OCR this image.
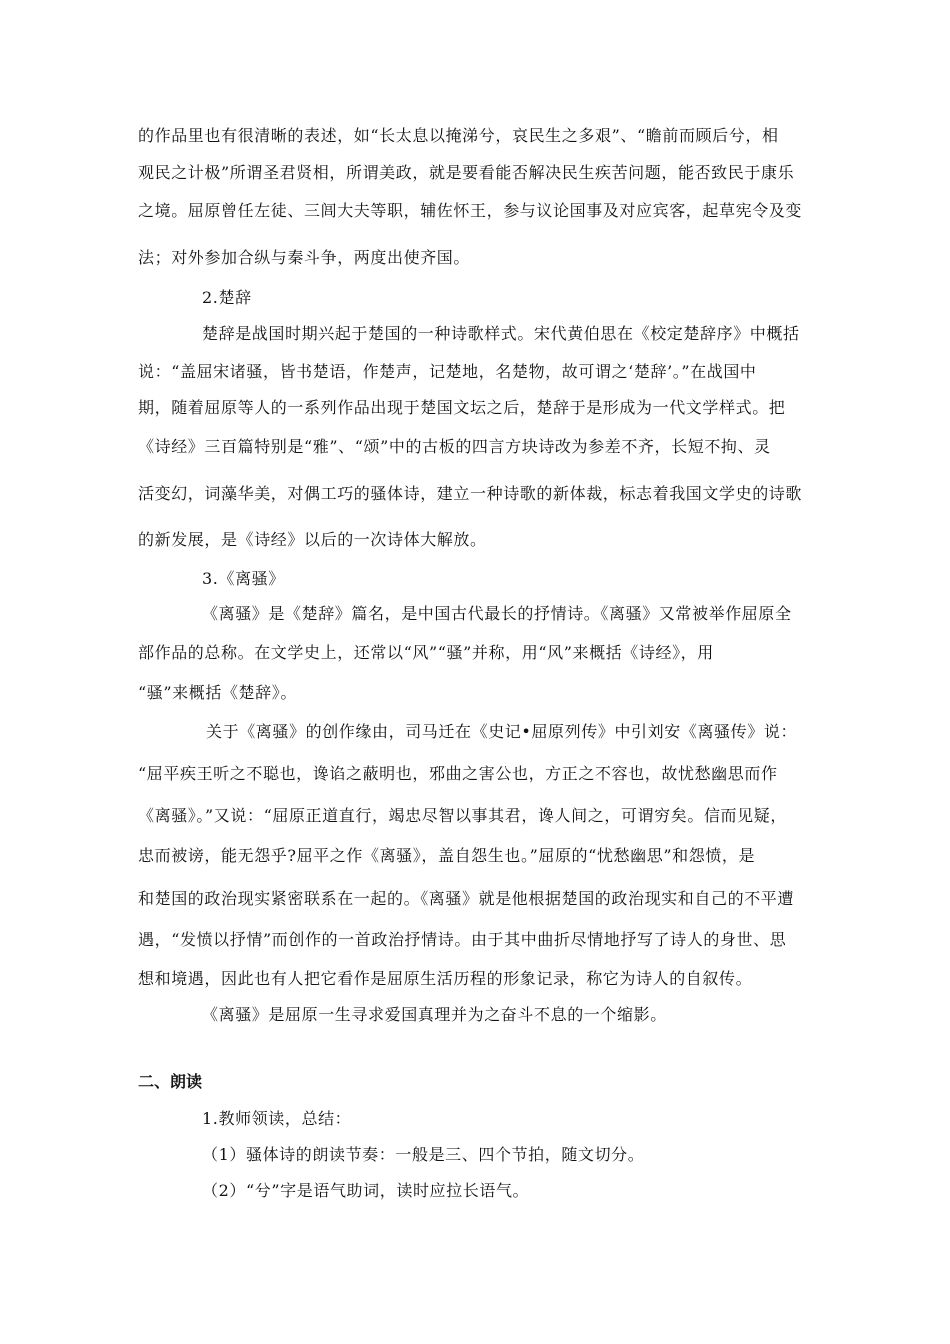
的作品里也有很清晰的表述，如“长太息以掩涕兮，哀民生之多艰”、“瞻前而顾后兮，相
观民之计极”所谓圣君贤相，所谓美政，就是要看能否解决民生疾苦问题，能否致民于康乐
之境。屈原曾任左徒、三闾大夫等职，辅佐怀王，参与议论国事及对应宾客，起草宪令及变
法；对外参加合纵与秦斗争，两度出使齐国。
2.楚辞
楚辞是战国时期兴起于楚国的一种诗歌样式。宋代黄伯思在《校定楚辞序》中概括
说：“盖屈宋诸骚，皆书楚语，作楚声，记楚地，名楚物，故可谓之‘楚辞’。”在战国中
期，随着屈原等人的一系列作品出现于楚国文坛之后，楚辞于是形成为一代文学样式。把
《诗经》三百篇特别是“雅”、“颂”中的古板的四言方块诗改为参差不齐，长短不拘、灵
活变幻，词藻华美，对偶工巧的骚体诗，建立一种诗歌的新体裁，标志着我国文学史的诗歌
的新发展，是《诗经》以后的一次诗体大解放。
3.《离骚》
《离骚》是《楚辞》篇名，是中国古代最长的抒情诗。《离骚》又常被举作屈原全
部作品的总称。在文学史上，还常以“风”“骚”并称，用“风”来概括《诗经》，用
“骚”来概括《楚辞》。
关于《离骚》的创作缘由，司马迁在《史记•屈原列传》中引刘安《离骚传》说：
“屈平疾王听之不聪也，谗谄之蔽明也，邪曲之害公也，方正之不容也，故忧愁幽思而作
《离骚》。”又说：“屈原正道直行，竭忠尽智以事其君，谗人间之，可谓穷矣。信而见疑，
忠而被谤，能无怨乎?屈平之作《离骚》，盖自怨生也。”屈原的“忧愁幽思”和怨愤，是
和楚国的政治现实紧密联系在一起的。《离骚》就是他根据楚国的政治现实和自己的不平遭
遇，“发愤以抒情”而创作的一首政治抒情诗。由于其中曲折尽情地抒写了诗人的身世、思
想和境遇，因此也有人把它看作是屈原生活历程的形象记录，称它为诗人的自叙传。
《离骚》是屈原一生寻求爱国真理并为之奋斗不息的一个缩影。
二、朗读
1.教师领读，总结：
（1）骚体诗的朗读节奏：一般是三、四个节拍，随文切分。
（2）“兮”字是语气助词，读时应拉长语气。
